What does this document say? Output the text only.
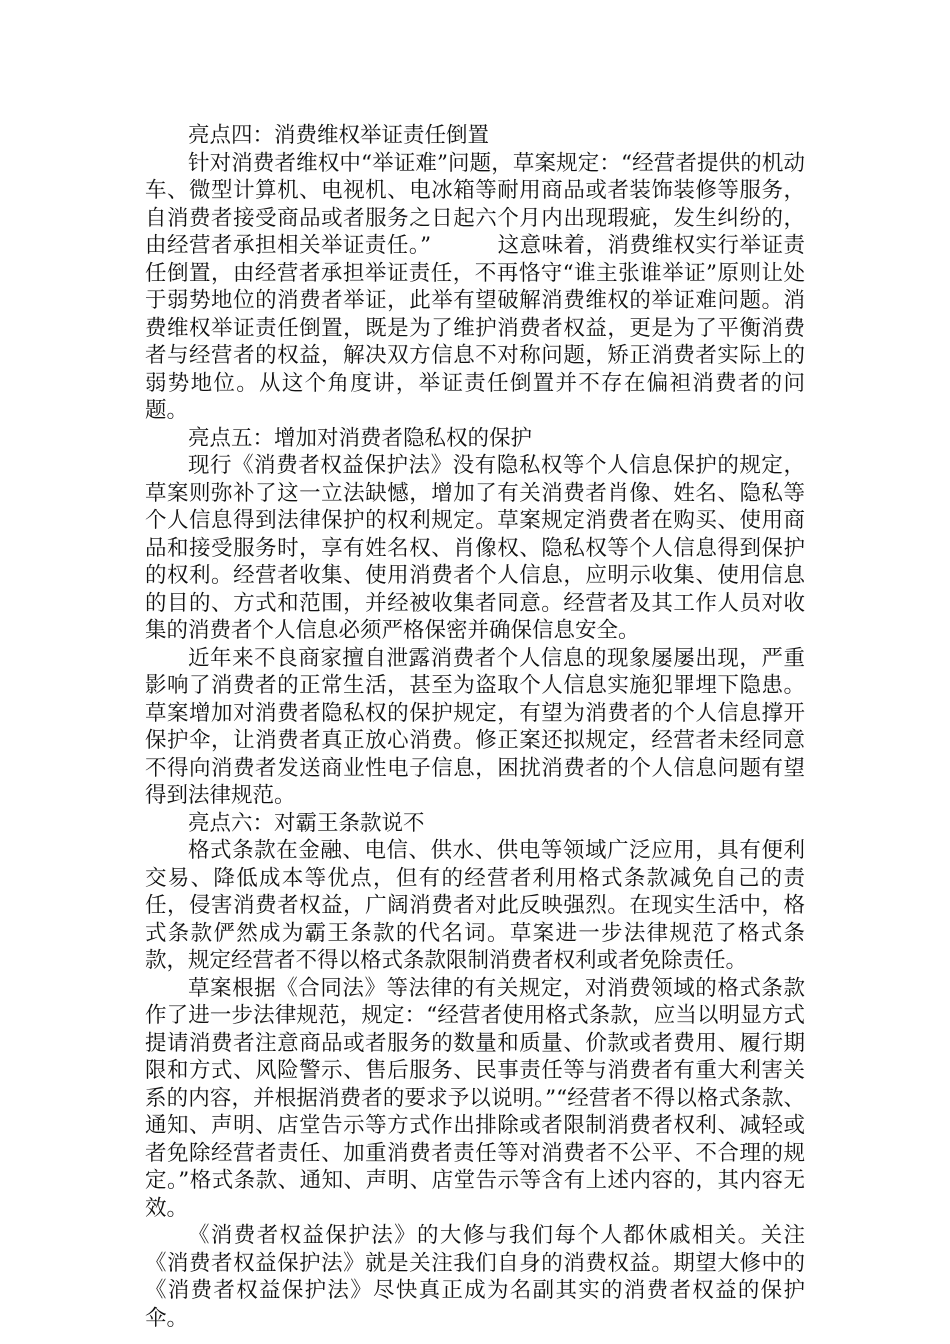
亮点四：消费维权举证责任倒置

针对消费者维权中“举证难”问题，草案规定：“经营者提供的机动车、微型计算机、电视机、电冰箱等耐用商品或者装饰装修等服务，自消费者接受商品或者服务之日起六个月内出现瑕疵，发生纠纷的，由经营者承担相关举证责任。”　　　这意味着，消费维权实行举证责任倒置，由经营者承担举证责任，不再恪守“谁主张谁举证”原则让处于弱势地位的消费者举证，此举有望破解消费维权的举证难问题。消费维权举证责任倒置，既是为了维护消费者权益，更是为了平衡消费者与经营者的权益，解决双方信息不对称问题，矫正消费者实际上的弱势地位。从这个角度讲，举证责任倒置并不存在偏袒消费者的问题。

亮点五：增加对消费者隐私权的保护

现行《消费者权益保护法》没有隐私权等个人信息保护的规定，草案则弥补了这一立法缺憾，增加了有关消费者肖像、姓名、隐私等个人信息得到法律保护的权利规定。草案规定消费者在购买、使用商品和接受服务时，享有姓名权、肖像权、隐私权等个人信息得到保护的权利。经营者收集、使用消费者个人信息，应明示收集、使用信息的目的、方式和范围，并经被收集者同意。经营者及其工作人员对收集的消费者个人信息必须严格保密并确保信息安全。

近年来不良商家擅自泄露消费者个人信息的现象屡屡出现，严重影响了消费者的正常生活，甚至为盗取个人信息实施犯罪埋下隐患。草案增加对消费者隐私权的保护规定，有望为消费者的个人信息撑开保护伞，让消费者真正放心消费。修正案还拟规定，经营者未经同意不得向消费者发送商业性电子信息，困扰消费者的个人信息问题有望得到法律规范。

亮点六：对霸王条款说不

格式条款在金融、电信、供水、供电等领域广泛应用，具有便利交易、降低成本等优点，但有的经营者利用格式条款减免自己的责任，侵害消费者权益，广阔消费者对此反映强烈。在现实生活中，格式条款俨然成为霸王条款的代名词。草案进一步法律规范了格式条款，规定经营者不得以格式条款限制消费者权利或者免除责任。

草案根据《合同法》等法律的有关规定，对消费领域的格式条款作了进一步法律规范，规定：“经营者使用格式条款，应当以明显方式提请消费者注意商品或者服务的数量和质量、价款或者费用、履行期限和方式、风险警示、售后服务、民事责任等与消费者有重大利害关系的内容，并根据消费者的要求予以说明。”“经营者不得以格式条款、通知、声明、店堂告示等方式作出排除或者限制消费者权利、减轻或者免除经营者责任、加重消费者责任等对消费者不公平、不合理的规定。”格式条款、通知、声明、店堂告示等含有上述内容的，其内容无效。

《消费者权益保护法》的大修与我们每个人都休戚相关。关注《消费者权益保护法》就是关注我们自身的消费权益。期望大修中的《消费者权益保护法》尽快真正成为名副其实的消费者权益的保护伞。
